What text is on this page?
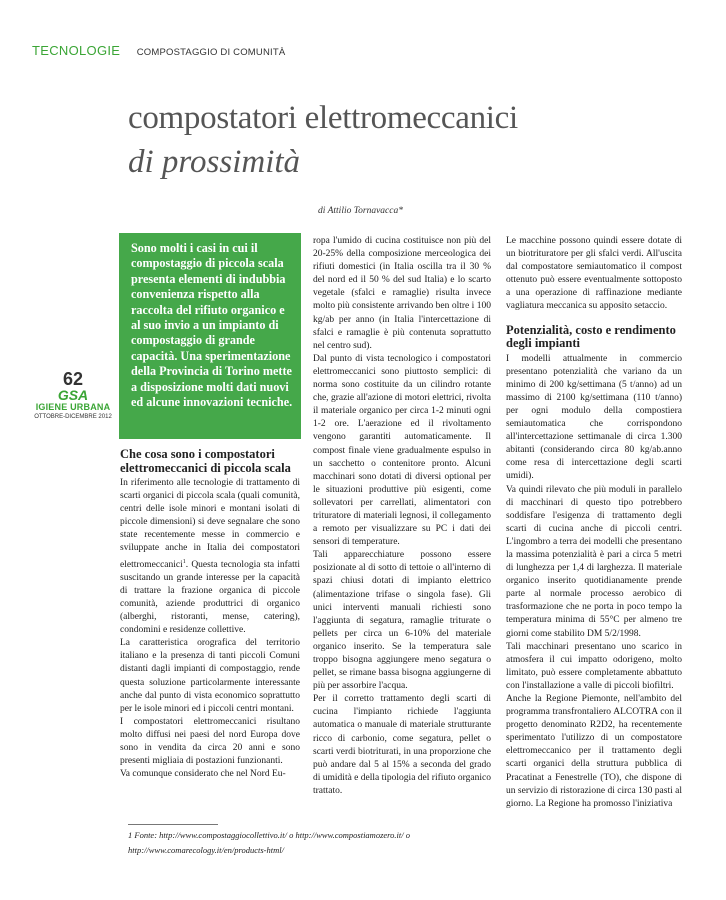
TECNOLOGIE COMPOSTAGGIO DI COMUNITÀ
compostatori elettromeccanici
di prossimità
di Attilio Tornavacca*
62
GSA
IGIENE URBANA
OTTOBRE-DICEMBRE 2012

Sono molti i casi in cui il compostaggio di piccola scala presenta elementi di indubbia convenienza rispetto alla raccolta del rifiuto organico e al suo invio a un impianto di compostaggio di grande capacità. Una sperimentazione della Provincia di Torino mette a disposizione molti dati nuovi ed alcune innovazioni tecniche.

Che cosa sono i compostatori elettromeccanici di piccola scala

In riferimento alle tecnologie di trattamento di scarti organici di piccola scala (quali comunità, centri delle isole minori e montani isolati di piccole dimensioni) si deve segnalare che sono state recentemente messe in commercio e sviluppate anche in Italia dei compostatori elettromeccanici$^1$. Questa tecnologia sta infatti suscitando un grande interesse per la capacità di trattare la frazione organica di piccole comunità, aziende produttrici di organico (alberghi, ristoranti, mense, catering), condomini e residenze collettive.

La caratteristica orografica del territorio italiano e la presenza di tanti piccoli Comuni distanti dagli impianti di compostaggio, rende questa soluzione particolarmente interessante anche dal punto di vista economico soprattutto per le isole minori ed i piccoli centri montani.

I compostatori elettromeccanici risultano molto diffusi nei paesi del nord Europa dove sono in vendita da circa 20 anni e sono presenti migliaia di postazioni funzionanti.

Va comunque considerato che nel Nord Eu-

ropa l'umido di cucina costituisce non più del 20-25% della composizione merceologica dei rifiuti domestici (in Italia oscilla tra il 30 % del nord ed il 50 % del sud Italia) e lo scarto vegetale (sfalci e ramaglie) risulta invece molto più consistente arrivando ben oltre i 100 kg/ab per anno (in Italia l'intercettazione di sfalci e ramaglie è più contenuta soprattutto nel centro sud).

Dal punto di vista tecnologico i compostatori elettromeccanici sono piuttosto semplici: di norma sono costituite da un cilindro rotante che, grazie all'azione di motori elettrici, rivolta il materiale organico per circa 1-2 minuti ogni 1-2 ore. L'aerazione ed il rivoltamento vengono garantiti automaticamente. Il compost finale viene gradualmente espulso in un sacchetto o contenitore pronto. Alcuni macchinari sono dotati di diversi optional per le situazioni produttive più esigenti, come sollevatori per carrellati, alimentatori con trituratore di materiali legnosi, il collegamento a remoto per visualizzare su PC i dati dei sensori di temperature.

Tali apparecchiature possono essere posizionate al di sotto di tettoie o all'interno di spazi chiusi dotati di impianto elettrico (alimentazione trifase o singola fase). Gli unici interventi manuali richiesti sono l'aggiunta di segatura, ramaglie triturate o pellets per circa un 6-10% del materiale organico inserito. Se la temperatura sale troppo bisogna aggiungere meno segatura o pellet, se rimane bassa bisogna aggiungerne di più per assorbire l'acqua.

Per il corretto trattamento degli scarti di cucina l'impianto richiede l'aggiunta automatica o manuale di materiale strutturante ricco di carbonio, come segatura, pellet o scarti verdi biotriturati, in una proporzione che può andare dal 5 al 15% a seconda del grado di umidità e della tipologia del rifiuto organico trattato.

Le macchine possono quindi essere dotate di un biotrituratore per gli sfalci verdi. All'uscita dal compostatore semiautomatico il compost ottenuto può essere eventualmente sottoposto a una operazione di raffinazione mediante vagliatura meccanica su apposito setaccio.

Potenzialità, costo e rendimento degli impianti

I modelli attualmente in commercio presentano potenzialità che variano da un minimo di 200 kg/settimana (5 t/anno) ad un massimo di 2100 kg/settimana (110 t/anno) per ogni modulo della compostiera semiautomatica che corrispondono all'intercettazione settimanale di circa 1.300 abitanti (considerando circa 80 kg/ab.anno come resa di intercettazione degli scarti umidi).

Va quindi rilevato che più moduli in parallelo di macchinari di questo tipo potrebbero soddisfare l'esigenza di trattamento degli scarti di cucina anche di piccoli centri. L'ingombro a terra dei modelli che presentano la massima potenzialità è pari a circa 5 metri di lunghezza per 1,4 di larghezza. Il materiale organico inserito quotidianamente prende parte al normale processo aerobico di trasformazione che ne porta in poco tempo la temperatura minima di 55°C per almeno tre giorni come stabilito DM 5/2/1998.

Tali macchinari presentano uno scarico in atmosfera il cui impatto odorigeno, molto limitato, può essere completamente abbattuto con l'installazione a valle di piccoli biofiltri.

Anche la Regione Piemonte, nell'ambito del programma transfrontaliero ALCOTRA con il progetto denominato R2D2, ha recentemente sperimentato l'utilizzo di un compostatore elettromeccanico per il trattamento degli scarti organici della struttura pubblica di Pracatinat a Fenestrelle (TO), che dispone di un servizio di ristorazione di circa 130 pasti al giorno. La Regione ha promosso l'iniziativa

1 Fonte: http://www.compostaggiocollettivo.it/ o http://www.compostiamozero.it/ o
http://www.comarecology.it/en/products-html/
